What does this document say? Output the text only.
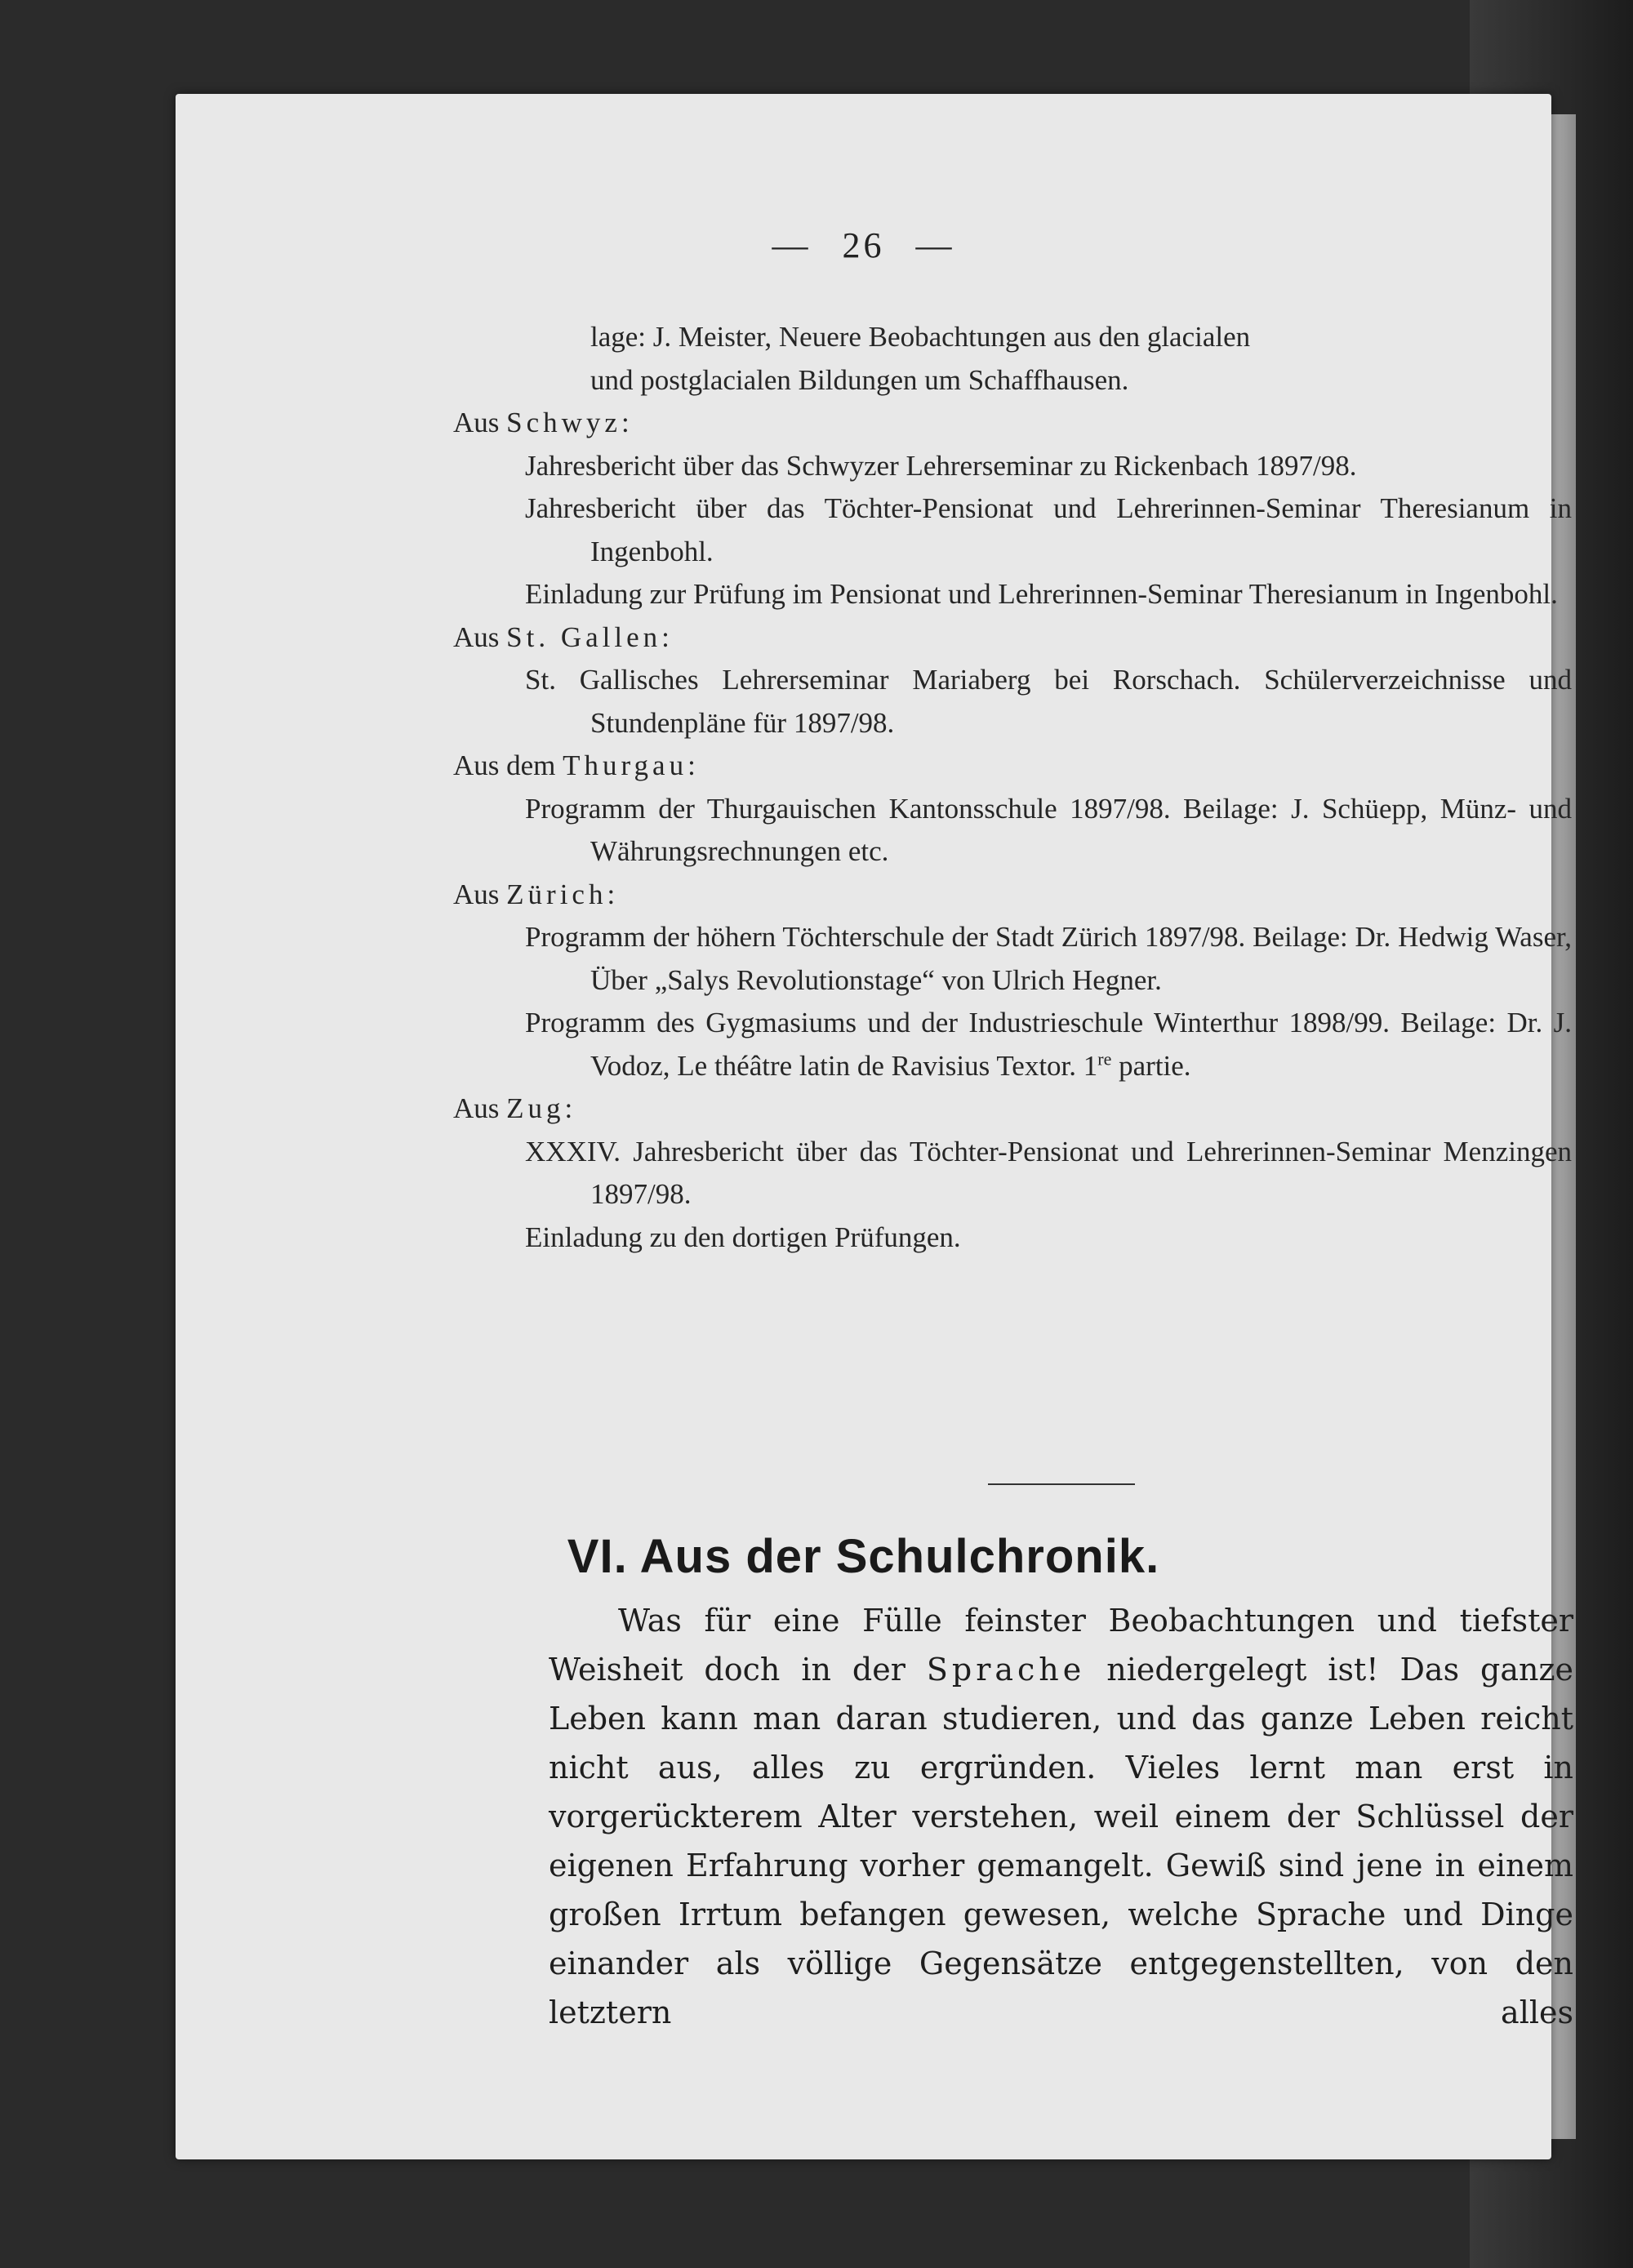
— 26 —
lage: J. Meister, Neuere Beobachtungen aus den glacialen
und postglacialen Bildungen um Schaffhausen.
Aus Schwyz:
Jahresbericht über das Schwyzer Lehrerseminar zu Rickenbach 1897/98.
Jahresbericht über das Töchter-Pensionat und Lehrerinnen-Seminar Theresianum in Ingenbohl.
Einladung zur Prüfung im Pensionat und Lehrerinnen-Seminar Theresianum in Ingenbohl.
Aus St. Gallen:
St. Gallisches Lehrerseminar Mariaberg bei Rorschach. Schülerverzeichnisse und Stundenpläne für 1897/98.
Aus dem Thurgau:
Programm der Thurgauischen Kantonsschule 1897/98. Beilage: J. Schüepp, Münz- und Währungsrechnungen etc.
Aus Zürich:
Programm der höhern Töchterschule der Stadt Zürich 1897/98. Beilage: Dr. Hedwig Waser, Über „Salys Revolutionstage“ von Ulrich Hegner.
Programm des Gygmasiums und der Industrieschule Winterthur 1898/99. Beilage: Dr. J. Vodoz, Le théâtre latin de Ravisius Textor. 1re partie.
Aus Zug:
XXXIV. Jahresbericht über das Töchter-Pensionat und Lehrerinnen-Seminar Menzingen 1897/98.
Einladung zu den dortigen Prüfungen.
VI. Aus der Schulchronik.
Was für eine Fülle feinster Beobachtungen und tiefster Weisheit doch in der Sprache niedergelegt ist! Das ganze Leben kann man daran studieren, und das ganze Leben reicht nicht aus, alles zu ergründen. Vieles lernt man erst in vorgerückterem Alter verstehen, weil einem der Schlüssel der eigenen Erfahrung vorher gemangelt. Gewiß sind jene in einem großen Irrtum befangen gewesen, welche Sprache und Dinge einander als völlige Gegensätze entgegenstellten, von den letztern alles
